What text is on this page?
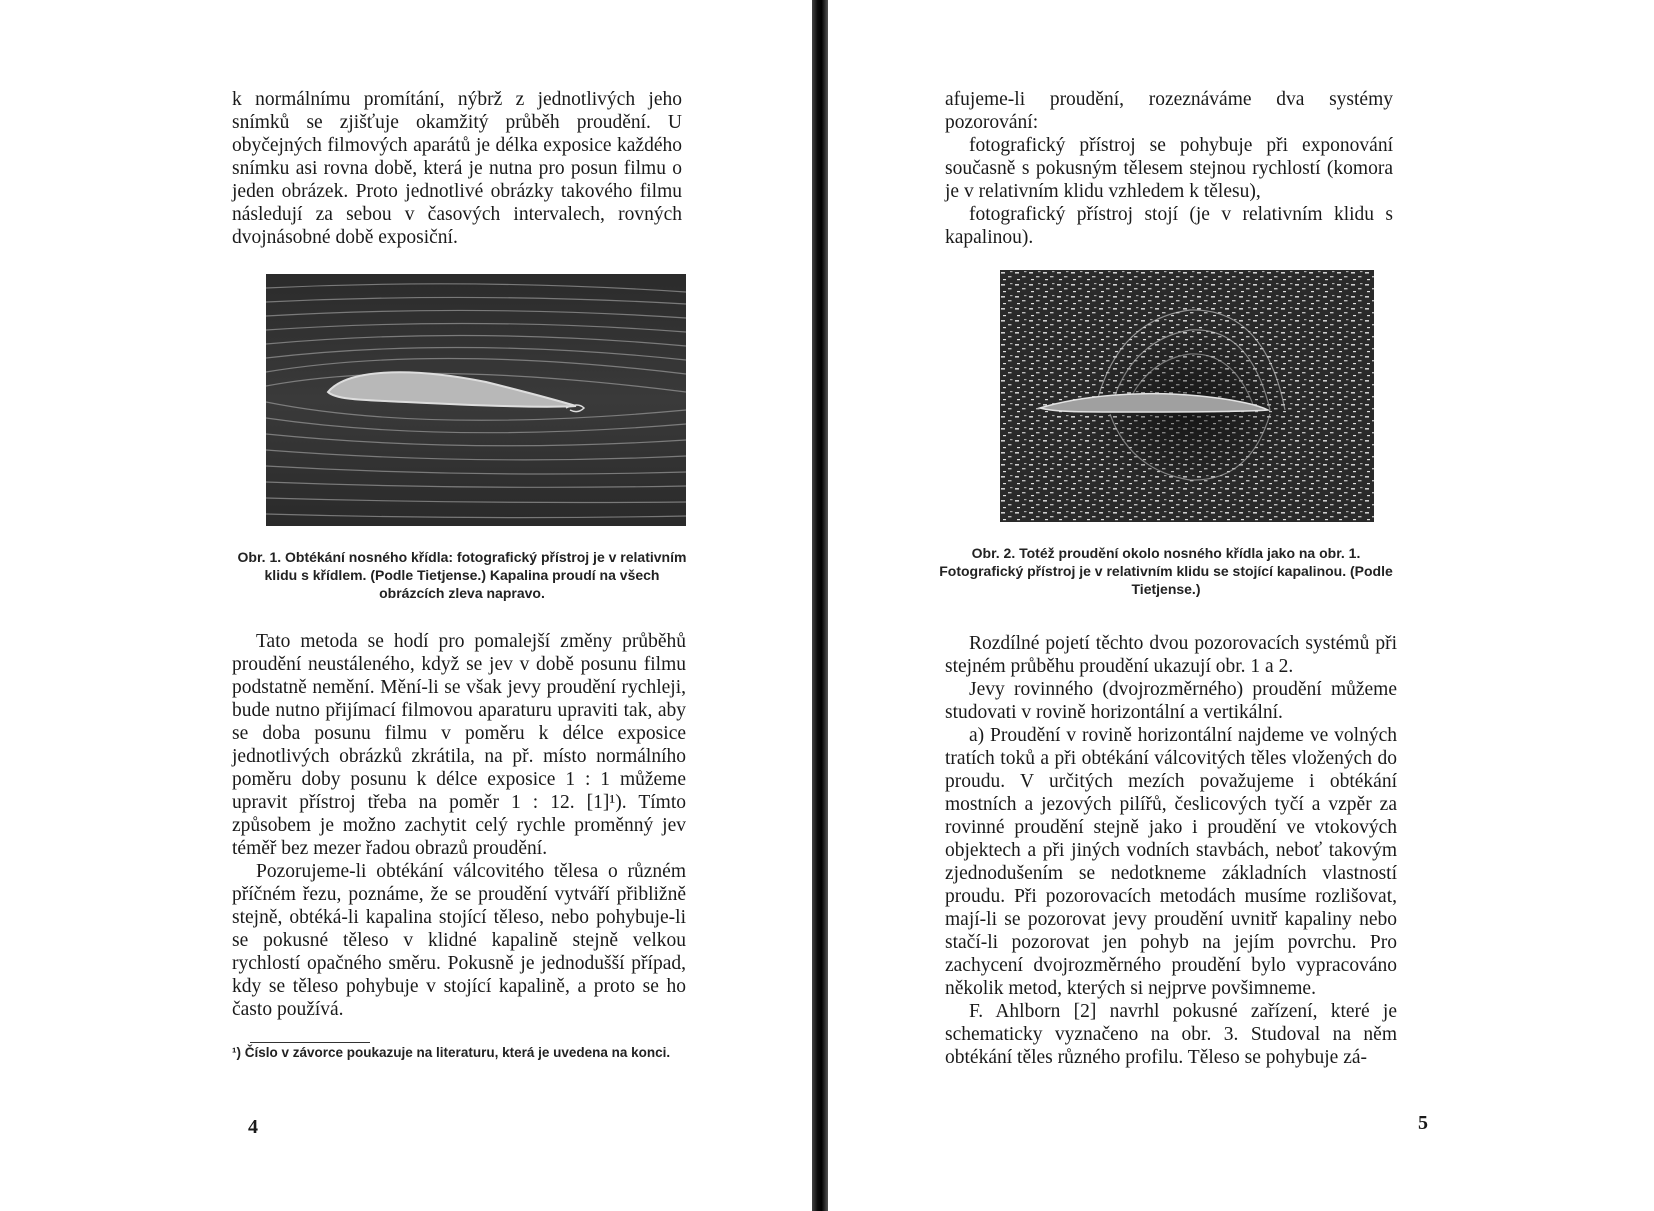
k normálnímu promítání, nýbrž z jednotlivých jeho snímků se zjišťuje okamžitý průběh proudění. U obyčejných filmových aparátů je délka exposice každého snímku asi rovna době, která je nutna pro posun filmu o jeden obrázek. Proto jednotlivé obrázky takového filmu následují za sebou v časových intervalech, rovných dvojnásobné době exposiční.

Obr. 1. Obtékání nosného křídla: fotografický přístroj je v relativním klidu s křídlem. (Podle Tietjense.) Kapalina proudí na všech obrázcích zleva napravo.

Tato metoda se hodí pro pomalejší změny průběhů proudění neustáleného, když se jev v době posunu filmu podstatně nemění. Mění-li se však jevy proudění rychleji, bude nutno přijímací filmovou aparaturu upraviti tak, aby se doba posunu filmu v poměru k délce exposice jednotlivých obrázků zkrátila, na př. místo normálního poměru doby posunu k délce exposice 1 : 1 můžeme upravit přístroj třeba na poměr 1 : 12. [1]¹). Tímto způsobem je možno zachytit celý rychle proměnný jev téměř bez mezer řadou obrazů proudění.

Pozorujeme-li obtékání válcovitého tělesa o různém příčném řezu, poznáme, že se proudění vytváří přibližně stejně, obtéká-li kapalina stojící těleso, nebo pohybuje-li se pokusné těleso v klidné kapalině stejně velkou rychlostí opačného směru. Pokusně je jednodušší případ, kdy se těleso pohybuje v stojící kapalině, a proto se ho často používá.

¹) Číslo v závorce poukazuje na literaturu, která je uvedena na konci.

4

afujeme-li proudění, rozeznáváme dva systémy pozorování:

fotografický přístroj se pohybuje při exponování současně s pokusným tělesem stejnou rychlostí (komora je v relativním klidu vzhledem k tělesu),

fotografický přístroj stojí (je v relativním klidu s kapalinou).

Obr. 2. Totéž proudění okolo nosného křídla jako na obr. 1. Fotografický přístroj je v relativním klidu se stojící kapalinou. (Podle Tietjense.)

Rozdílné pojetí těchto dvou pozorovacích systémů při stejném průběhu proudění ukazují obr. 1 a 2.

Jevy rovinného (dvojrozměrného) proudění můžeme studovati v rovině horizontální a vertikální.

a) Proudění v rovině horizontální najdeme ve volných tratích toků a při obtékání válcovitých těles vložených do proudu. V určitých mezích považujeme i obtékání mostních a jezových pilířů, česlicových tyčí a vzpěr za rovinné proudění stejně jako i proudění ve vtokových objektech a při jiných vodních stavbách, neboť takovým zjednodušením se nedotkneme základních vlastností proudu. Při pozorovacích metodách musíme rozlišovat, mají-li se pozorovat jevy proudění uvnitř kapaliny nebo stačí-li pozorovat jen pohyb na jejím povrchu. Pro zachycení dvojrozměrného proudění bylo vypracováno několik metod, kterých si nejprve povšimneme.

F. Ahlborn [2] navrhl pokusné zařízení, které je schematicky vyznačeno na obr. 3. Studoval na něm obtékání těles různého profilu. Těleso se pohybuje zá-

5
